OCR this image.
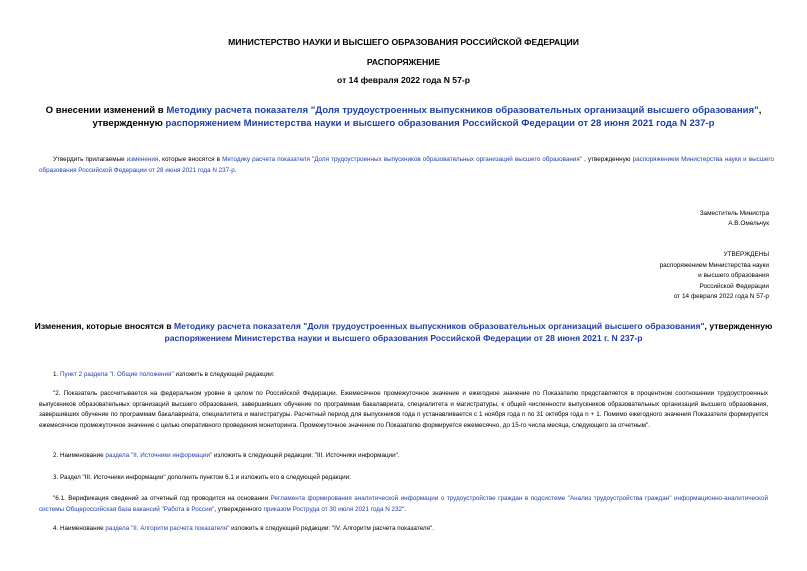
МИНИСТЕРСТВО НАУКИ И ВЫСШЕГО ОБРАЗОВАНИЯ РОССИЙСКОЙ ФЕДЕРАЦИИ
РАСПОРЯЖЕНИЕ
от 14 февраля 2022 года N 57-р
О внесении изменений в Методику расчета показателя "Доля трудоустроенных выпускников образовательных организаций высшего образования", утвержденную распоряжением Министерства науки и высшего образования Российской Федерации от 28 июня 2021 года N 237-р
Утвердить прилагаемые изменения, которые вносятся в Методику расчета показателя "Доля трудоустроенных выпускников образовательных организаций высшего образования" , утвержденную распоряжением Министерства науки и высшего образования Российской Федерации от 28 июня 2021 года N 237-р.
Заместитель Министра
А.В.Омельчук
УТВЕРЖДЕНЫ
распоряжением Министерства науки
и высшего образования
Российской Федерации
от 14 февраля 2022 года N 57-р
Изменения, которые вносятся в Методику расчета показателя "Доля трудоустроенных выпускников образовательных организаций высшего образования", утвержденную распоряжением Министерства науки и высшего образования Российской Федерации от 28 июня 2021 г. N 237-р
1. Пункт 2 раздела "I. Общие положения" изложить в следующей редакции:
"2. Показатель рассчитывается на федеральном уровне в целом по Российской Федерации. Ежемесячное промежуточное значение и ежегодное значение по Показателю представляется в процентном соотношении трудоустроенных выпускников образовательных организаций высшего образования, завершивших обучение по программам бакалавриата, специалитета и магистратуры, к общей численности выпускников образовательных организаций высшего образования, завершивших обучение по программам бакалавриата, специалитета и магистратуры. Расчетный период для выпускников года n устанавливается с 1 ноября года n по 31 октября года n + 1. Помимо ежегодного значения Показателя формируется ежемесячное промежуточное значение с целью оперативного проведения мониторинга. Промежуточное значение по Показателю формируется ежемесячно, до 15-го числа месяца, следующего за отчетным".
2. Наименование раздела "II. Источники информации" изложить в следующей редакции: "III. Источники информации".
3. Раздел "III. Источники информации" дополнить пунктом 6.1 и изложить его в следующей редакции:
"6.1. Верификация сведений за отчетный год проводится на основании Регламента формирования аналитической информации о трудоустройстве граждан в подсистеме "Анализ трудоустройства граждан" информационно-аналитической системы Общероссийская база вакансий "Работа в России", утвержденного приказом Роструда от 30 июля 2021 года N 232".
4. Наименование раздела "II. Алгоритм расчета показателя" изложить в следующей редакции: "IV. Алгоритм расчета показателя".
